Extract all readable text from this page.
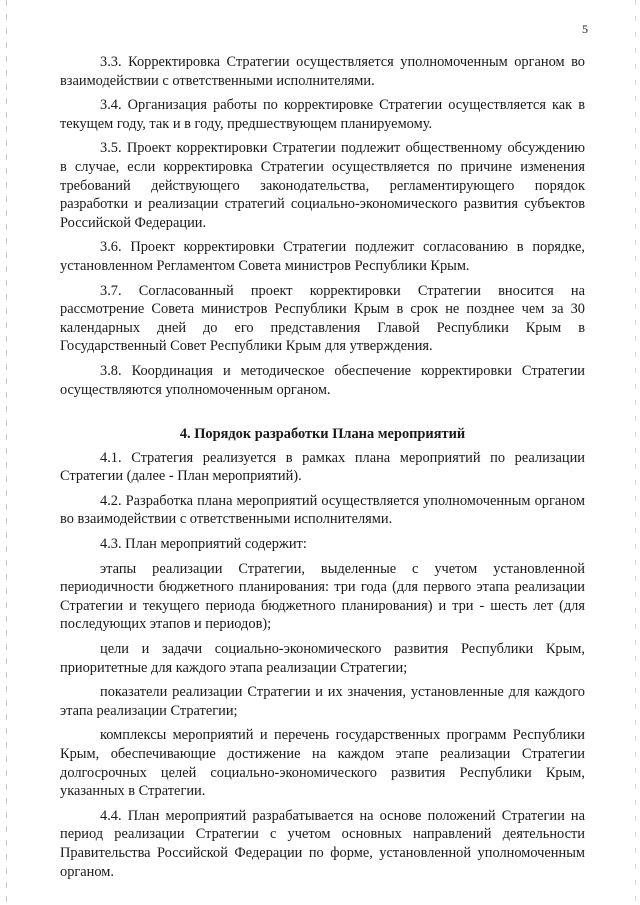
5

3.3. Корректировка Стратегии осуществляется уполномоченным органом во взаимодействии с ответственными исполнителями.

3.4. Организация работы по корректировке Стратегии осуществляется как в текущем году, так и в году, предшествующем планируемому.

3.5. Проект корректировки Стратегии подлежит общественному обсуждению в случае, если корректировка Стратегии осуществляется по причине изменения требований действующего законодательства, регламентирующего порядок разработки и реализации стратегий социально-экономического развития субъектов Российской Федерации.

3.6. Проект корректировки Стратегии подлежит согласованию в порядке, установленном Регламентом Совета министров Республики Крым.

3.7. Согласованный проект корректировки Стратегии вносится на рассмотрение Совета министров Республики Крым в срок не позднее чем за 30 календарных дней до его представления Главой Республики Крым в Государственный Совет Республики Крым для утверждения.

3.8. Координация и методическое обеспечение корректировки Стратегии осуществляются уполномоченным органом.

4. Порядок разработки Плана мероприятий

4.1. Стратегия реализуется в рамках плана мероприятий по реализации Стратегии (далее - План мероприятий).

4.2. Разработка плана мероприятий осуществляется уполномоченным органом во взаимодействии с ответственными исполнителями.

4.3. План мероприятий содержит:

этапы реализации Стратегии, выделенные с учетом установленной периодичности бюджетного планирования: три года (для первого этапа реализации Стратегии и текущего периода бюджетного планирования) и три - шесть лет (для последующих этапов и периодов);

цели и задачи социально-экономического развития Республики Крым, приоритетные для каждого этапа реализации Стратегии;

показатели реализации Стратегии и их значения, установленные для каждого этапа реализации Стратегии;

комплексы мероприятий и перечень государственных программ Республики Крым, обеспечивающие достижение на каждом этапе реализации Стратегии долгосрочных целей социально-экономического развития Республики Крым, указанных в Стратегии.

4.4. План мероприятий разрабатывается на основе положений Стратегии на период реализации Стратегии с учетом основных направлений деятельности Правительства Российской Федерации по форме, установленной уполномоченным органом.
